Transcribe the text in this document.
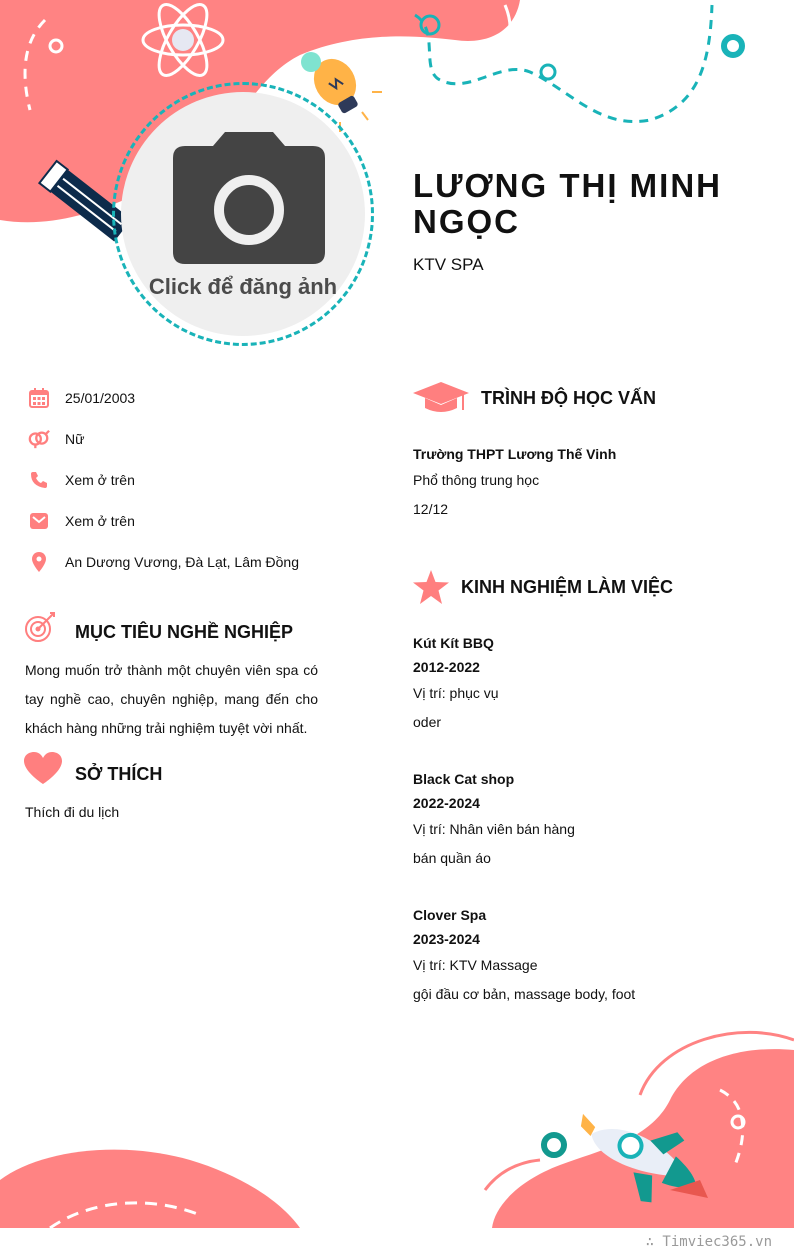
Click để đăng ảnh
LƯƠNG THỊ MINH NGỌC
KTV SPA
25/01/2003
Nữ
Xem ở trên
Xem ở trên
An Dương Vương, Đà Lạt, Lâm Đồng
MỤC TIÊU NGHỀ NGHIỆP
Mong muốn trở thành một chuyên viên spa có tay nghề cao, chuyên nghiệp, mang đến cho khách hàng những trải nghiệm tuyệt vời nhất.
SỞ THÍCH
Thích đi du lịch
TRÌNH ĐỘ HỌC VẤN
Trường THPT Lương Thế Vinh
Phổ thông trung học
12/12
KINH NGHIỆM LÀM VIỆC
Kút Kít BBQ
2012-2022
Vị trí: phục vụ
oder
Black Cat shop
2022-2024
Vị trí: Nhân viên bán hàng
bán quần áo
Clover Spa
2023-2024
Vị trí: KTV Massage
gội đầu cơ bản, massage body, foot
∴ Timviec365.vn
